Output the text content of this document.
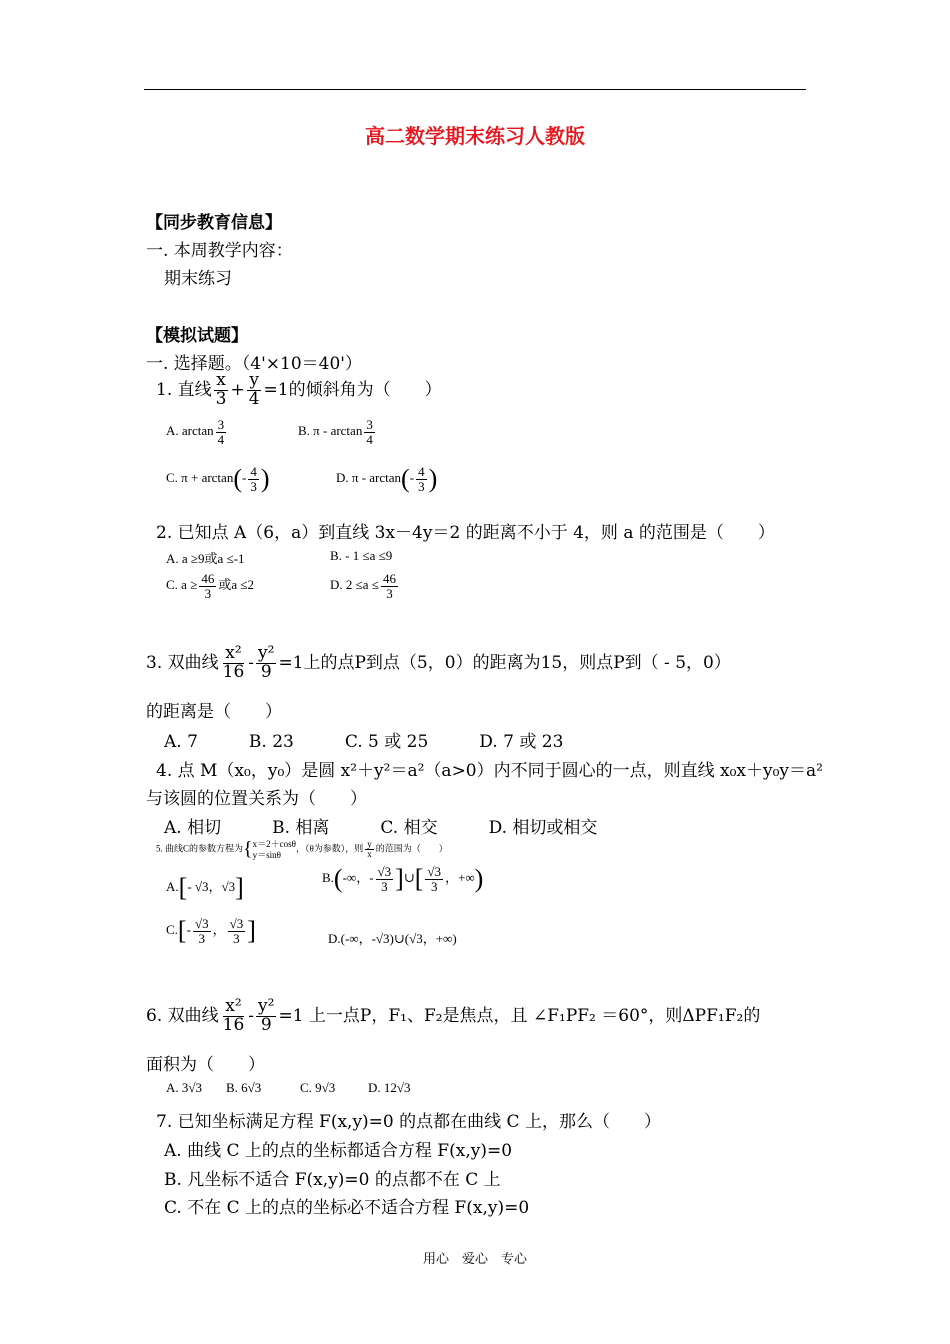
高二数学期末练习人教版
【同步教育信息】
一. 本周教学内容：
期末练习
【模拟试题】
一. 选择题。（4'×10＝40'）
1. 直线 $\frac{x}{3} + \frac{y}{4} =1$的倾斜角为（　　）
A. $\arctan \frac{3}{4}$	B. π - $\arctan \frac{3}{4}$
C. $\pi + \arctan(- \frac{4}{3}$ )	D. π - $\arctan(- \frac{4}{3}$ )
2. 已知点 A（6，a）到直线 3x－4y＝2 的距离不小于 4，则 a 的范围是（　　）
A. a ≥9或a ≤-1	B. - 1 ≤a ≤9
C. $a \ge \frac{46}{3}$ 或a ≤2	D. $2 \le a \le \frac{46}{3}$
3. 双曲线 $\frac{\text{x²}}{16} - \frac{\text{y²}}{9} =1$上的点P到点（5，0）的距离为15，则点P到（ - 5，0）
的距离是（　　）
A. 7　　　B. 23　　　C. 5 或 25　　　D. 7 或 23
4. 点 M（x₀，y₀）是圆 x²＋y²＝a²（a>0）内不同于圆心的一点，则直线 x₀x＋y₀y＝a²
与该圆的位置关系为（　　）
A. 相切　　　B. 相离　　　C. 相交　　　D. 相切或相交
5. 曲线C的参数方程为{ x＝2＋cosθ
y＝sinθ
，（θ为参数），则 $\frac{y}{x}$ 的范围为（　　）
A.[- √3，√3]	B.(-∞，- $\frac{√3}{3}$ ]∪[ $\frac{√3}{3}$ ，+∞)
$C.[- \frac{√3}{3}$ ， $\frac{√3}{3}$ ]	D.(-∞，-√3)∪(√3，+∞)
6. 双曲线 $\frac{\text{x²}}{16} - \frac{\text{y²}}{9} =1$ 上一点P，F₁、F₂是焦点，且 ∠F₁PF₂ ＝60°，则ΔPF₁F₂的
面积为（　　）
A. 3√3 B. 6√3	C. 9√3	D. 12√3
7. 已知坐标满足方程 F(x,y)=0 的点都在曲线 C 上，那么（　　）
A. 曲线 C 上的点的坐标都适合方程 F(x,y)=0
B. 凡坐标不适合 F(x,y)=0 的点都不在 C 上
C. 不在 C 上的点的坐标必不适合方程 F(x,y)=0
用心　爱心　专心
